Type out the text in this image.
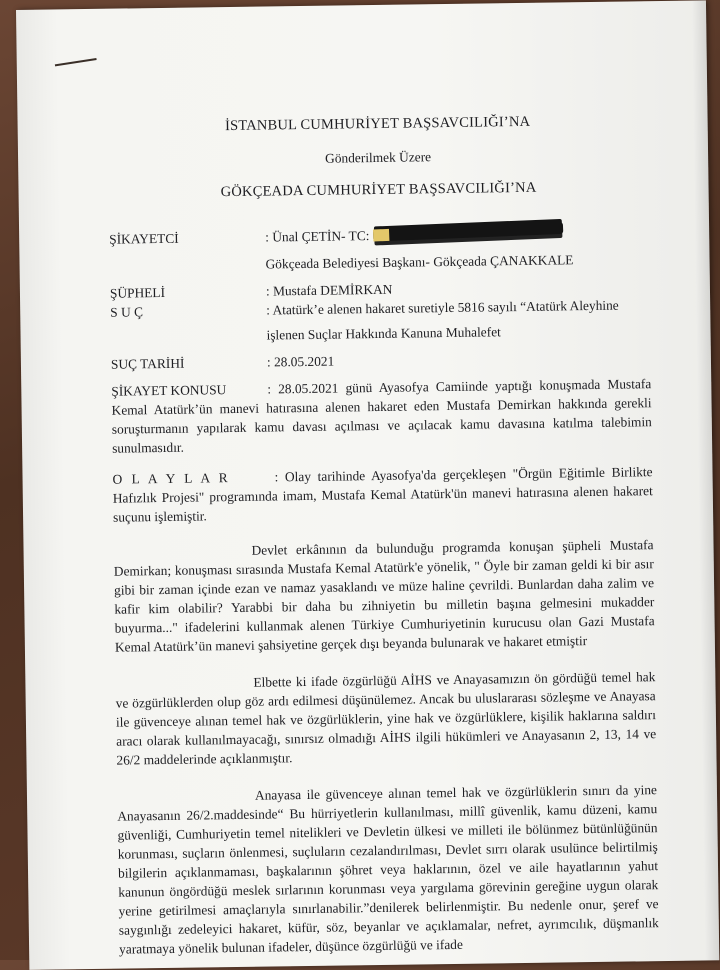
İSTANBUL CUMHURİYET BAŞSAVCILIĞI’NA

Gönderilmek Üzere

GÖKÇEADA CUMHURİYET BAŞSAVCILIĞI’NA

ŞİKAYETCİ	: Ünal ÇETİN- TC:
Gökçeada Belediyesi Başkanı- Gökçeada ÇANAKKALE
ŞÜPHELİ	: Mustafa DEMİRKAN
S U Ç	: Atatürk’e alenen hakaret suretiyle 5816 sayılı “Atatürk Aleyhine
işlenen Suçlar Hakkında Kanuna Muhalefet
SUÇ TARİHİ	: 28.05.2021

ŞİKAYET KONUSU	: 28.05.2021 günü Ayasofya Camiinde yaptığı konuşmada Mustafa Kemal Atatürk’ün manevi hatırasına alenen hakaret eden Mustafa Demirkan hakkında gerekli soruşturmanın yapılarak kamu davası açılması ve açılacak kamu davasına katılma talebimin sunulmasıdır.

O L A Y L A R	: Olay tarihinde Ayasofya'da gerçekleşen "Örgün Eğitimle Birlikte Hafızlık Projesi" programında imam, Mustafa Kemal Atatürk'ün manevi hatırasına alenen hakaret suçunu işlemiştir.

Devlet erkânının da bulunduğu programda konuşan şüpheli Mustafa Demirkan; konuşması sırasında Mustafa Kemal Atatürk'e yönelik, " Öyle bir zaman geldi ki bir asır gibi bir zaman içinde ezan ve namaz yasaklandı ve müze haline çevrildi. Bunlardan daha zalim ve kafir kim olabilir? Yarabbi bir daha bu zihniyetin bu milletin başına gelmesini mukadder buyurma..." ifadelerini kullanmak alenen Türkiye Cumhuriyetinin kurucusu olan Gazi Mustafa Kemal Atatürk’ün manevi şahsiyetine gerçek dışı beyanda bulunarak ve hakaret etmiştir

Elbette ki ifade özgürlüğü AİHS ve Anayasamızın ön gördüğü temel hak ve özgürlüklerden olup göz ardı edilmesi düşünülemez. Ancak bu uluslararası sözleşme ve Anayasa ile güvenceye alınan temel hak ve özgürlüklerin, yine hak ve özgürlüklere, kişilik haklarına saldırı aracı olarak kullanılmayacağı, sınırsız olmadığı AİHS ilgili hükümleri ve Anayasanın 2, 13, 14 ve 26/2 maddelerinde açıklanmıştır.

Anayasa ile güvenceye alınan temel hak ve özgürlüklerin sınırı da yine Anayasanın 26/2.maddesinde“ Bu hürriyetlerin kullanılması, millî güvenlik, kamu düzeni, kamu güvenliği, Cumhuriyetin temel nitelikleri ve Devletin ülkesi ve milleti ile bölünmez bütünlüğünün korunması, suçların önlenmesi, suçluların cezalandırılması, Devlet sırrı olarak usulünce belirtilmiş bilgilerin açıklanmaması, başkalarının şöhret veya haklarının, özel ve aile hayatlarının yahut kanunun öngördüğü meslek sırlarının korunması veya yargılama görevinin gereğine uygun olarak yerine getirilmesi amaçlarıyla sınırlanabilir.”denilerek belirlenmiştir. Bu nedenle onur, şeref ve saygınlığı zedeleyici hakaret, küfür, söz, beyanlar ve açıklamalar, nefret, ayrımcılık, düşmanlık yaratmaya yönelik bulunan ifadeler, düşünce özgürlüğü ve ifade
